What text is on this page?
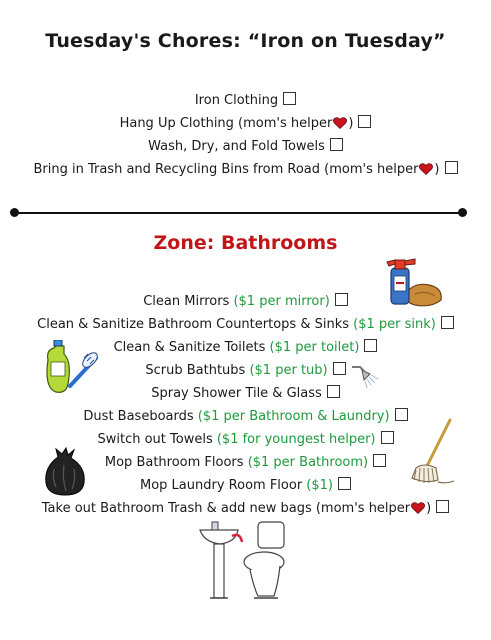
Tuesday's Chores: “Iron on Tuesday”
Iron Clothing
Hang Up Clothing (mom's helper )
Wash, Dry, and Fold Towels
Bring in Trash and Recycling Bins from Road (mom's helper )
Zone: Bathrooms
Clean Mirrors ($1 per mirror)
Clean & Sanitize Bathroom Countertops & Sinks ($1 per sink)
Clean & Sanitize Toilets ($1 per toilet)
Scrub Bathtubs ($1 per tub)
Spray Shower Tile & Glass
Dust Baseboards ($1 per Bathroom & Laundry)
Switch out Towels ($1 for youngest helper)
Mop Bathroom Floors ($1 per Bathroom)
Mop Laundry Room Floor ($1)
Take out Bathroom Trash & add new bags (mom's helper )
